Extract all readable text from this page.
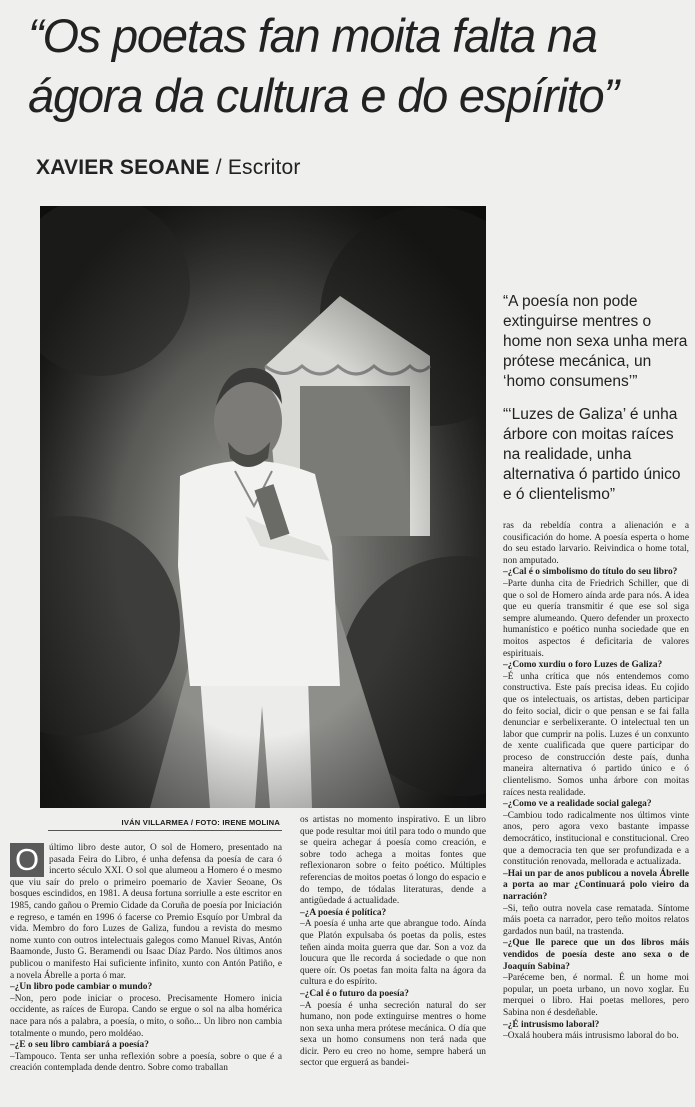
“Os poetas fan moita falta na ágora da cultura e do espírito”
XAVIER SEOANE / Escritor

“A poesía non pode extinguirse mentres o home non sexa unha mera prótese mecánica, un ‘homo consumens’”

“‘Luzes de Galiza’ é unha árbore con moitas raíces na realidade, unha alternativa ó partido único e ó clientelismo”

IVÁN VILLARMEA / FOTO: IRENE MOLINA
O	último libro deste autor, O sol de Homero, presentado na pasada Feira do Libro, é unha defensa da poesía de cara ó incerto século XXI. O sol que alumeou a Homero é o mesmo que viu saír do prelo o primeiro poemario de Xavier Seoane, Os bosques escindidos, en 1981. A deusa fortuna sorriulle a este escritor en 1985, cando gañou o Premio Cidade da Coruña de poesía por Iniciación e regreso, e tamén en 1996 ó facerse co Premio Esquío por Umbral da vida. Membro do foro Luzes de Galiza, fundou a revista do mesmo nome xunto con outros intelectuais galegos como Manuel Rivas, Antón Baamonde, Justo G. Beramendi ou Isaac Díaz Pardo. Nos últimos anos publicou o manifesto Hai suficiente infinito, xunto con Antón Patiño, e a novela Ábrelle a porta ó mar.
–¿Un libro pode cambiar o mundo?
–Non, pero pode iniciar o proceso. Precisamente Homero inicia occidente, as raíces de Europa. Cando se ergue o sol na alba homérica nace para nós a palabra, a poesía, o mito, o soño... Un libro non cambia totalmente o mundo, pero moldéao.
–¿E o seu libro cambiará a poesía?
–Tampouco. Tenta ser unha reflexión sobre a poesía, sobre o que é a creación contemplada dende dentro. Sobre como traballan
os artistas no momento inspirativo. É un libro que pode resultar moi útil para todo o mundo que se queira achegar á poesía como creación, e sobre todo achega a moitas fontes que reflexionaron sobre o feito poético. Múltiples referencias de moitos poetas ó longo do espacio e do tempo, de tódalas literaturas, dende a antigüedade á actualidade.
–¿A poesía é política?
–A poesía é unha arte que abrangue todo. Aínda que Platón expulsaba ós poetas da polis, estes teñen ainda moita guerra que dar. Son a voz da loucura que lle recorda á sociedade o que non quere oír. Os poetas fan moita falta na ágora da cultura e do espírito.
–¿Cal é o futuro da poesía?
–A poesía é unha secreción natural do ser humano, non pode extinguirse mentres o home non sexa unha mera prótese mecánica. O día que sexa un homo consumens non terá nada que dicir. Pero eu creo no home, sempre haberá un sector que erguerá as bandei-
ras da rebeldía contra a alienación e a cousificación do home. A poesía esperta o home do seu estado larvario. Reivindica o home total, non amputado.
–¿Cal é o simbolismo do título do seu libro?
–Parte dunha cita de Friedrich Schiller, que di que o sol de Homero aínda arde para nós. A idea que eu quería transmitir é que ese sol siga sempre alumeando. Quero defender un proxecto humanístico e poético nunha sociedade que en moitos aspectos é deficitaria de valores espirituais.
–¿Como xurdiu o foro Luzes de Galiza?
–É unha crítica que nós entendemos como constructiva. Este país precisa ideas. Eu cojido que os intelectuais, os artistas, deben participar do feito social, dicir o que pensan e se fai falla denunciar e serbelixerante. O intelectual ten un labor que cumprir na polis. Luzes é un conxunto de xente cualificada que quere participar do proceso de construcción deste país, dunha maneira alternativa ó partido único e ó clientelismo. Somos unha árbore con moitas raíces nesta realidade.
–¿Como ve a realidade social galega?
–Cambiou todo radicalmente nos últimos vinte anos, pero agora vexo bastante impasse democrático, institucional e constitucional. Creo que a democracia ten que ser profundizada e a constitución renovada, mellorada e actualizada.
–Hai un par de anos publicou a novela Ábrelle a porta ao mar ¿Continuará polo vieiro da narración?
–Si, teño outra novela case rematada. Síntome máis poeta ca narrador, pero teño moitos relatos gardados nun baúl, na trastenda.
–¿Que lle parece que un dos libros máis vendidos de poesía deste ano sexa o de Joaquín Sabina?
–Paréceme ben, é normal. É un home moi popular, un poeta urbano, un novo xoglar. Eu merquei o libro. Hai poetas mellores, pero Sabina non é desdeñable.
–¿É intrusismo laboral?
–Oxalá houbera máis intrusismo laboral do bo.
